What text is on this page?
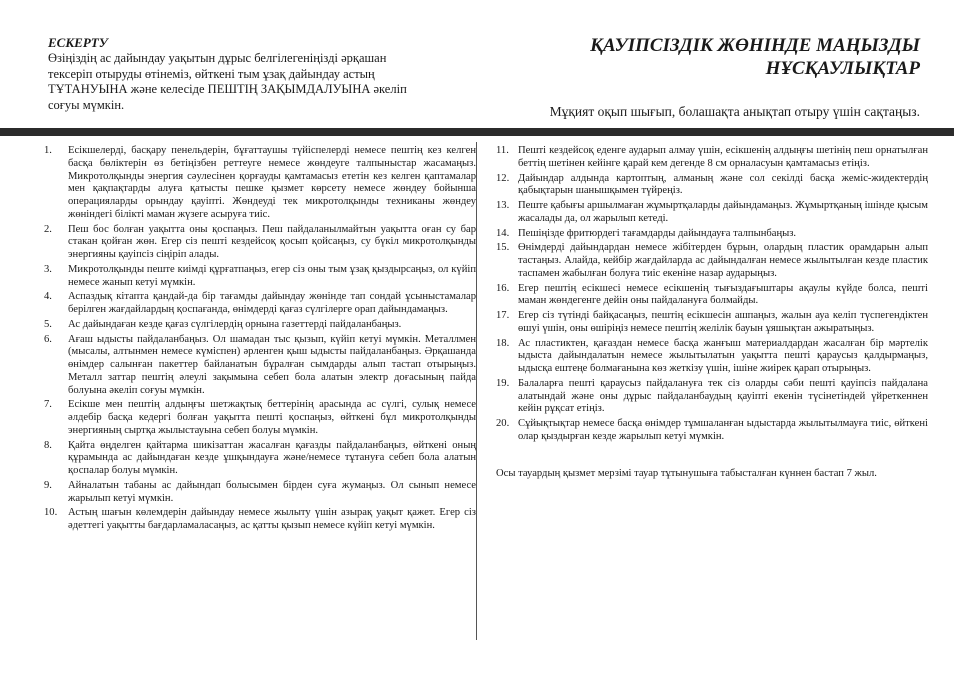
ЕСКЕРТУ

Өзіңіздің ас дайындау уақытын дұрыс белгілегеніңізді әрқашан тексеріп отыруды өтінеміз, өйткені тым ұзақ дайындау астың ТҰТАНУЫНА және келесіде ПЕШТІҢ ЗАҚЫМДАЛУЫНА әкеліп соғуы мүмкін.

ҚАУІПСІЗДІК ЖӨНІНДЕ МАҢЫЗДЫ НҰСҚАУЛЫҚТАР
Мұқият оқып шығып, болашақта анықтап отыру үшін сақтаңыз.
1.	Есікшелерді, басқару пенельдерін, бұғаттаушы түйіспелерді немесе пештің кез келген басқа бөліктерін өз бетіңізбен реттеуге немесе жөндеуге талпыныстар жасамаңыз. Микротолқынды энергия сәулесінен қорғауды қамтамасыз ететін кез келген қаптамалар мен қақпақтарды алуға қатысты пешке қызмет көрсету немесе жөндеу бойынша операцияларды орындау қауіпті. Жөндеуді тек микротолқынды техниканы жөндеу жөніндегі білікті маман жүзеге асыруға тиіс.
2.	Пеш бос болған уақытта оны қоспаңыз. Пеш пайдаланылмайтын уақытта оған су бар стакан қойған жөн. Егер сіз пешті кездейсоқ қосып қойсаңыз, су бүкіл микротолқынды энергияны қауіпсіз сіңіріп алады.
3.	Микротолқынды пеште киімді құрғатпаңыз, егер сіз оны тым ұзақ қыздырсаңыз, ол күйіп немесе жанып кетуі мүмкін.
4.	Аспаздық кітапта қандай-да бір тағамды дайындау жөнінде тап сондай ұсыныстамалар берілген жағдайлардың қоспағанда, өнімдерді қағаз сүлгілерге орап дайындамаңыз.
5.	Ас дайындаған кезде қағаз сүлгілердің орнына газеттерді пайдаланбаңыз.
6.	Ағаш ыдысты пайдаланбаңыз. Ол шамадан тыс қызып, күйіп кетуі мүмкін. Металлмен (мысалы, алтынмен немесе күмiспен) әрленген қыш ыдысты пайдаланбаңыз. Әрқашанда өнімдер салынған пакеттер байланатын бұралған сымдарды алып тастап отырыңыз. Металл заттар пештің әлеулі зақымына себеп бола алатын электр доғасының пайда болуына әкеліп соғуы мүмкін.
7.	Есікше мен пештің алдыңғы шетжақтық беттерінің арасында ас сүлгі, сулық немесе әлдебір басқа кедергі болған уақытта пешті қоспаңыз, өйткені бұл микротолқынды энергияның сыртқа жылыстауына себеп болуы мүмкін.
8.	Қайта өңделген қайтарма шикізаттан жасалған қағазды пайдаланбаңыз, өйткені оның құрамында ас дайындаған кезде ұшқындауға және/немесе тұтануға себеп бола алатын қоспалар болуы мүмкін.
9.	Айналатын табаны ас дайындап болысымен бірден суға жумаңыз. Ол сынып немесе жарылып кетуі мүмкін.
10.	Астың шағын көлемдерін дайындау немесе жылыту үшін азырақ уақыт қажет. Егер сіз әдеттегі уақытты бағдарламаласаңыз, ас қатты қызып немесе күйіп кетуі мүмкін.
11. Пешті кездейсоқ еденге аударып алмау үшін, есікшенің алдыңғы шетінің пеш орнатылған беттің шетінен кейінге қарай кем дегенде 8 см орналасуын қамтамасыз етіңіз.
12. Дайындар алдында картоптың, алманың және сол секілді басқа жеміс-жидектердің қабықтарын шанышқымен түйреңіз.
13. Пеште қабығы аршылмаған жұмыртқаларды дайындамаңыз. Жұмыртқаның ішінде қысым жасалады да, ол жарылып кетеді.
14. Пешіңізде фритюрдегі тағамдарды дайындауға талпынбаңыз.
15. Өнімдерді дайындардан немесе жібітерден бұрын, олардың пластик орамдарын алып тастаңыз. Алайда, кейбір жағдайларда ас дайындалған немесе жылытылған кезде пластик таспамен жабылған болуға тиіс екеніне назар аударыңыз.
16. Егер пештің есікшесі немесе есікшенің тығыздағыштары ақаулы күйде болса, пешті маман жөндегенге дейін оны пайдалануға болмайды.
17. Егер сіз түтінді байқасаңыз, пештің есікшесін ашпаңыз, жалын ауа келіп түспегендіктен өшуі үшін, оны өшіріңіз немесе пештің желілік бауын ұяшықтан ажыратыңыз.
18. Ас пластиктен, қағаздан немесе басқа жанғыш материалдардан жасалған бір мәртелік ыдыста дайындалатын немесе жылытылатын уақытта пешті қараусыз қалдырмаңыз, ыдысқа ештеңе болмағанына көз жеткізу үшін, ішіне жиірек қарап отырыңыз.
19. Балаларға пешті қараусыз пайдалануға тек сіз оларды сәби пешті қауіпсіз пайдалана алатындай және оны дұрыс пайдаланбаудың қауіпті екенін түсінетіндей үйреткеннен кейін рұқсат етіңіз.
20. Сұйықтықтар немесе басқа өнімдер тұмшаланған ыдыстарда жылытылмауға тиіс, өйткені олар қыздырған кезде жарылып кетуі мүмкін.
Осы тауардың қызмет мерзімі тауар тұтынушыға табысталған күннен бастап 7 жыл.
